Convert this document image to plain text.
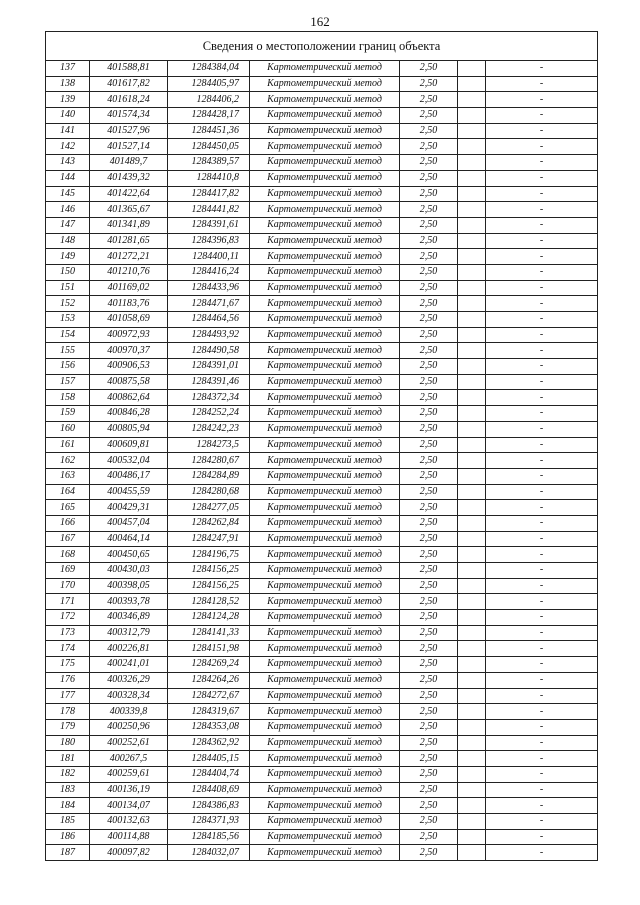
162
Сведения о местоположении границ объекта						
137	401588,81	1284384,04	Картометрический метод	2,50		-
138	401617,82	1284405,97	Картометрический метод	2,50		-
139	401618,24	1284406,2	Картометрический метод	2,50		-
140	401574,34	1284428,17	Картометрический метод	2,50		-
141	401527,96	1284451,36	Картометрический метод	2,50		-
142	401527,14	1284450,05	Картометрический метод	2,50		-
143	401489,7	1284389,57	Картометрический метод	2,50		-
144	401439,32	1284410,8	Картометрический метод	2,50		-
145	401422,64	1284417,82	Картометрический метод	2,50		-
146	401365,67	1284441,82	Картометрический метод	2,50		-
147	401341,89	1284391,61	Картометрический метод	2,50		-
148	401281,65	1284396,83	Картометрический метод	2,50		-
149	401272,21	1284400,11	Картометрический метод	2,50		-
150	401210,76	1284416,24	Картометрический метод	2,50		-
151	401169,02	1284433,96	Картометрический метод	2,50		-
152	401183,76	1284471,67	Картометрический метод	2,50		-
153	401058,69	1284464,56	Картометрический метод	2,50		-
154	400972,93	1284493,92	Картометрический метод	2,50		-
155	400970,37	1284490,58	Картометрический метод	2,50		-
156	400906,53	1284391,01	Картометрический метод	2,50		-
157	400875,58	1284391,46	Картометрический метод	2,50		-
158	400862,64	1284372,34	Картометрический метод	2,50		-
159	400846,28	1284252,24	Картометрический метод	2,50		-
160	400805,94	1284242,23	Картометрический метод	2,50		-
161	400609,81	1284273,5	Картометрический метод	2,50		-
162	400532,04	1284280,67	Картометрический метод	2,50		-
163	400486,17	1284284,89	Картометрический метод	2,50		-
164	400455,59	1284280,68	Картометрический метод	2,50		-
165	400429,31	1284277,05	Картометрический метод	2,50		-
166	400457,04	1284262,84	Картометрический метод	2,50		-
167	400464,14	1284247,91	Картометрический метод	2,50		-
168	400450,65	1284196,75	Картометрический метод	2,50		-
169	400430,03	1284156,25	Картометрический метод	2,50		-
170	400398,05	1284156,25	Картометрический метод	2,50		-
171	400393,78	1284128,52	Картометрический метод	2,50		-
172	400346,89	1284124,28	Картометрический метод	2,50		-
173	400312,79	1284141,33	Картометрический метод	2,50		-
174	400226,81	1284151,98	Картометрический метод	2,50		-
175	400241,01	1284269,24	Картометрический метод	2,50		-
176	400326,29	1284264,26	Картометрический метод	2,50		-
177	400328,34	1284272,67	Картометрический метод	2,50		-
178	400339,8	1284319,67	Картометрический метод	2,50		-
179	400250,96	1284353,08	Картометрический метод	2,50		-
180	400252,61	1284362,92	Картометрический метод	2,50		-
181	400267,5	1284405,15	Картометрический метод	2,50		-
182	400259,61	1284404,74	Картометрический метод	2,50		-
183	400136,19	1284408,69	Картометрический метод	2,50		-
184	400134,07	1284386,83	Картометрический метод	2,50		-
185	400132,63	1284371,93	Картометрический метод	2,50		-
186	400114,88	1284185,56	Картометрический метод	2,50		-
187	400097,82	1284032,07	Картометрический метод	2,50		-
